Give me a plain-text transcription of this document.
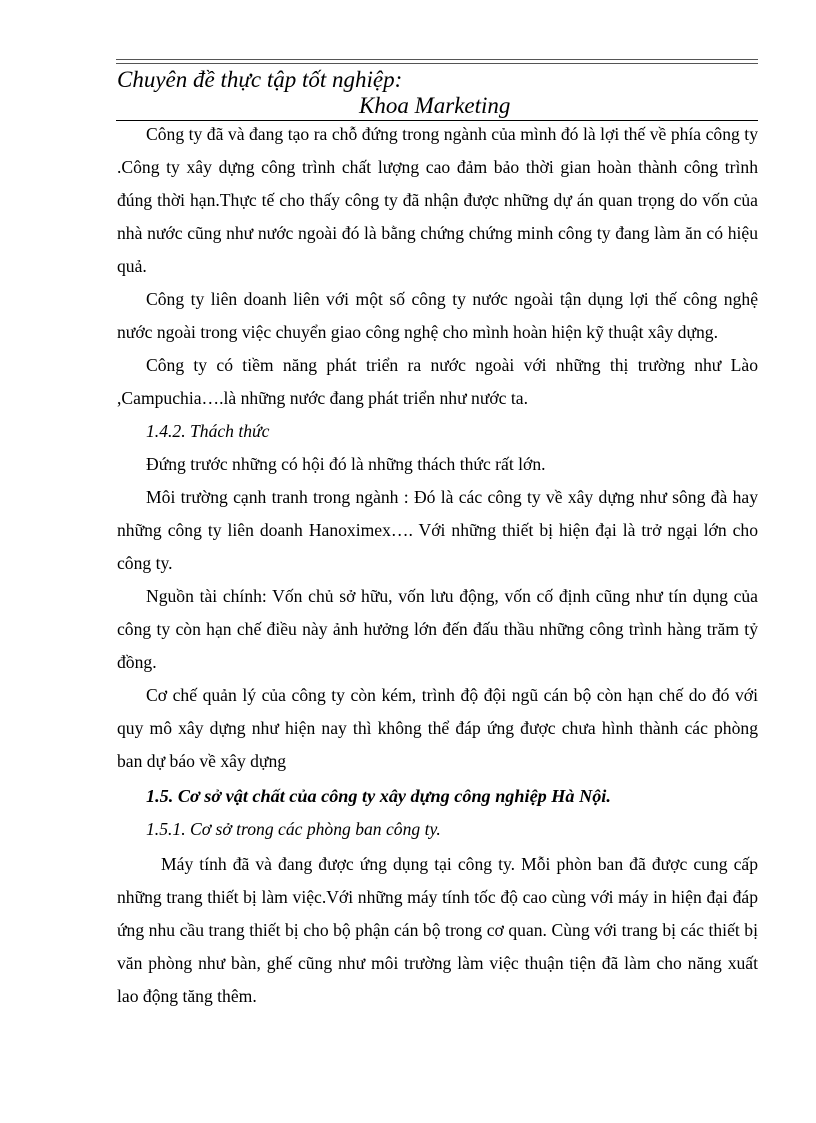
Chuyên đề thực tập tốt nghiệp:
Khoa Marketing

Công ty đã và đang tạo ra chỗ đứng trong ngành của mình đó là lợi thế về phía công ty .Công ty xây dựng công trình chất lượng cao đảm bảo thời gian hoàn thành công trình đúng thời hạn.Thực tế cho thấy công ty đã nhận được những dự án quan trọng do vốn của nhà nước cũng như nước ngoài đó là bằng chứng chứng minh công ty đang làm ăn có hiệu quả.

Công ty liên doanh liên với một số công ty nước ngoài tận dụng lợi thế công nghệ nước ngoài trong việc chuyển giao công nghệ cho mình hoàn hiện kỹ thuật xây dựng.

Công ty có tiềm năng phát triển ra nước ngoài với những thị trường như Lào ,Campuchia….là những nước đang phát triển như nước ta.

1.4.2. Thách thức

Đứng trước những có hội đó là những thách thức rất lớn.

Môi trường cạnh tranh trong ngành : Đó là các công ty về xây dựng như sông đà hay những công ty liên doanh Hanoximex…. Với những thiết bị hiện đại là trở ngại lớn cho công ty.

Nguồn tài chính: Vốn chủ sở hữu, vốn lưu động, vốn cố định cũng như tín dụng của công ty còn hạn chế điều này ảnh hưởng lớn đến đấu thầu những công trình hàng trăm tỷ đồng.

Cơ chế quản lý của công ty còn kém, trình độ đội ngũ cán bộ còn hạn chế do đó với quy mô xây dựng như hiện nay thì không thể đáp ứng được chưa hình thành các phòng ban dự báo về xây dựng

1.5. Cơ sở vật chất của công ty xây dựng công nghiệp Hà Nội.

1.5.1. Cơ sở trong các phòng ban công ty.

Máy tính đã và đang được ứng dụng tại công ty. Mỗi phòn ban đã được cung cấp những trang thiết bị làm việc.Với những máy tính tốc độ cao cùng với máy in hiện đại đáp ứng nhu cầu trang thiết bị cho bộ phận cán bộ trong cơ quan. Cùng với trang bị các thiết bị văn phòng như bàn, ghế cũng như môi trường làm việc thuận tiện đã làm cho năng xuất lao động tăng thêm.
